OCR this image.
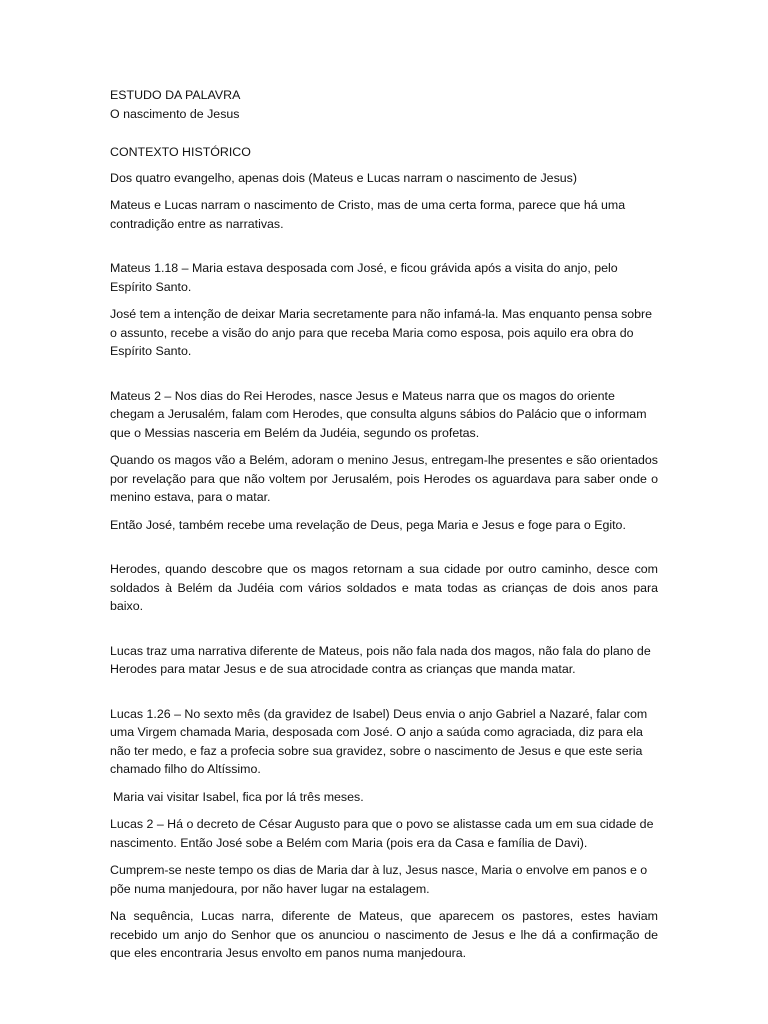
ESTUDO DA PALAVRA

O nascimento de Jesus

CONTEXTO HISTÓRICO

Dos quatro evangelho, apenas dois (Mateus e Lucas narram o nascimento de Jesus)

Mateus e Lucas narram o nascimento de Cristo, mas de uma certa forma, parece que há uma contradição entre as narrativas.

Mateus 1.18 – Maria estava desposada com José, e ficou grávida após a visita do anjo, pelo Espírito Santo.

José tem a intenção de deixar Maria secretamente para não infamá-la. Mas enquanto pensa sobre o assunto, recebe a visão do anjo para que receba Maria como esposa, pois aquilo era obra do Espírito Santo.

Mateus 2 – Nos dias do Rei Herodes, nasce Jesus e Mateus narra que os magos do oriente chegam a Jerusalém, falam com Herodes, que consulta alguns sábios do Palácio que o informam que o Messias nasceria em Belém da Judéia, segundo os profetas.

Quando os magos vão a Belém, adoram o menino Jesus, entregam-lhe presentes e são orientados por revelação para que não voltem por Jerusalém, pois Herodes os aguardava para saber onde o menino estava, para o matar.

Então José, também recebe uma revelação de Deus, pega Maria e Jesus e foge para o Egito.

Herodes, quando descobre que os magos retornam a sua cidade por outro caminho, desce com soldados à Belém da Judéia com vários soldados e mata todas as crianças de dois anos para baixo.

Lucas traz uma narrativa diferente de Mateus, pois não fala nada dos magos, não fala do plano de Herodes para matar Jesus e de sua atrocidade contra as crianças que manda matar.

Lucas 1.26 – No sexto mês (da gravidez de Isabel) Deus envia o anjo Gabriel a Nazaré, falar com uma Virgem chamada Maria, desposada com José. O anjo a saúda como agraciada, diz para ela não ter medo, e faz a profecia sobre sua gravidez, sobre o nascimento de Jesus e que este seria chamado filho do Altíssimo.

Maria vai visitar Isabel, fica por lá três meses.

Lucas 2 – Há o decreto de César Augusto para que o povo se alistasse cada um em sua cidade de nascimento. Então José sobe a Belém com Maria (pois era da Casa e família de Davi).

Cumprem-se neste tempo os dias de Maria dar à luz, Jesus nasce, Maria o envolve em panos e o põe numa manjedoura, por não haver lugar na estalagem.

Na sequência, Lucas narra, diferente de Mateus, que aparecem os pastores, estes haviam recebido um anjo do Senhor que os anunciou o nascimento de Jesus e lhe dá a confirmação de que eles encontraria Jesus envolto em panos numa manjedoura.
